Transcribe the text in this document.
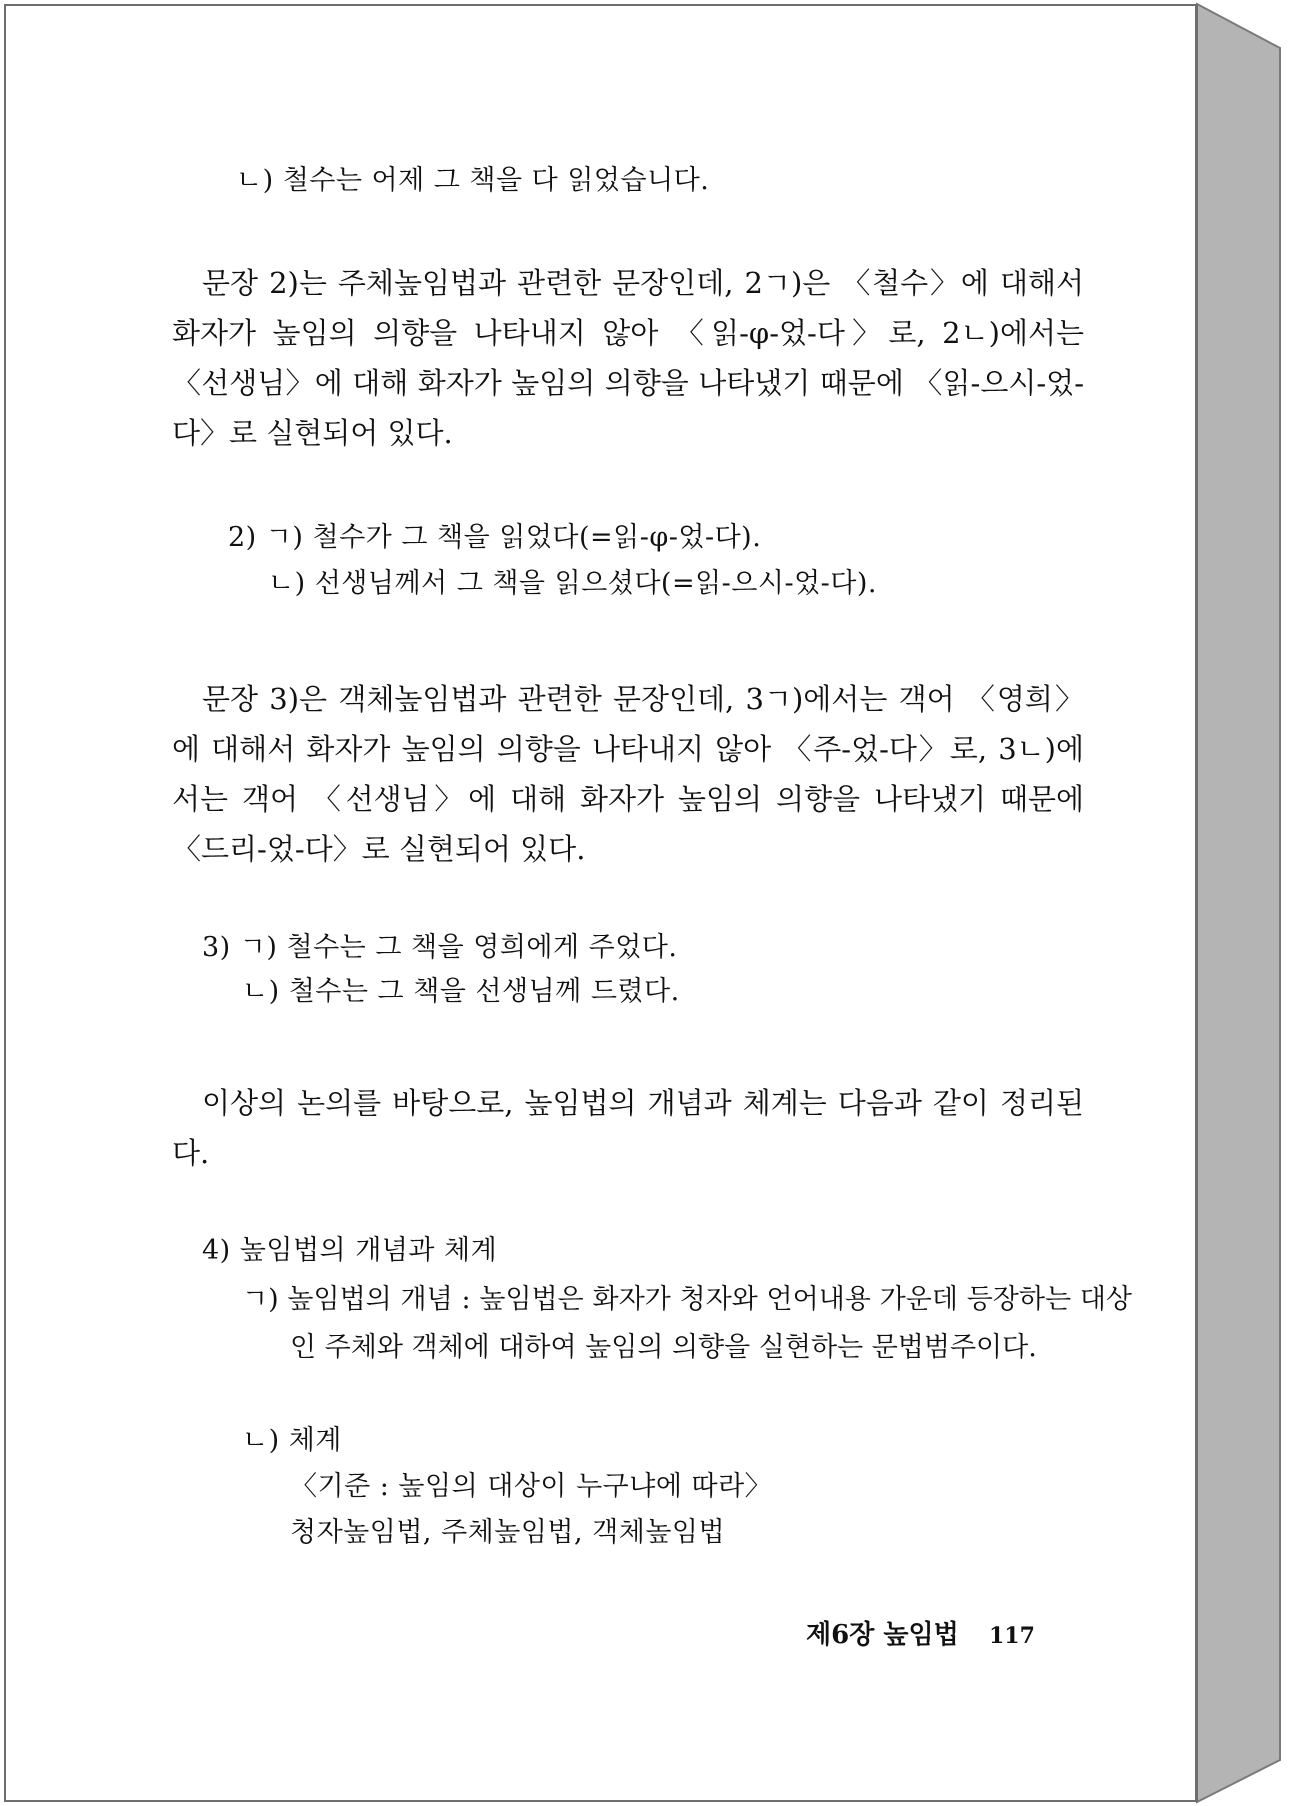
ㄴ) 철수는 어제 그 책을 다 읽었습니다.
문장 2)는 주체높임법과 관련한 문장인데, 2ㄱ)은 〈철수〉에 대해서 화자가 높임의 의향을 나타내지 않아 〈읽-φ-었-다〉로, 2ㄴ)에서는 〈선생님〉에 대해 화자가 높임의 의향을 나타냈기 때문에 〈읽-으시-었-다〉로 실현되어 있다.
2) ㄱ) 철수가 그 책을 읽었다(=읽-φ-었-다).
ㄴ) 선생님께서 그 책을 읽으셨다(=읽-으시-었-다).
문장 3)은 객체높임법과 관련한 문장인데, 3ㄱ)에서는 객어 〈영희〉에 대해서 화자가 높임의 의향을 나타내지 않아 〈주-었-다〉로, 3ㄴ)에서는 객어 〈선생님〉에 대해 화자가 높임의 의향을 나타냈기 때문에 〈드리-었-다〉로 실현되어 있다.
3) ㄱ) 철수는 그 책을 영희에게 주었다.
ㄴ) 철수는 그 책을 선생님께 드렸다.
이상의 논의를 바탕으로, 높임법의 개념과 체계는 다음과 같이 정리된다.
4) 높임법의 개념과 체계
ㄱ) 높임법의 개념 : 높임법은 화자가 청자와 언어내용 가운데 등장하는 대상인 주체와 객체에 대하여 높임의 의향을 실현하는 문법범주이다.
ㄴ) 체계
〈기준 : 높임의 대상이 누구냐에 따라〉
청자높임법, 주체높임법, 객체높임법
제6장 높임법 117
